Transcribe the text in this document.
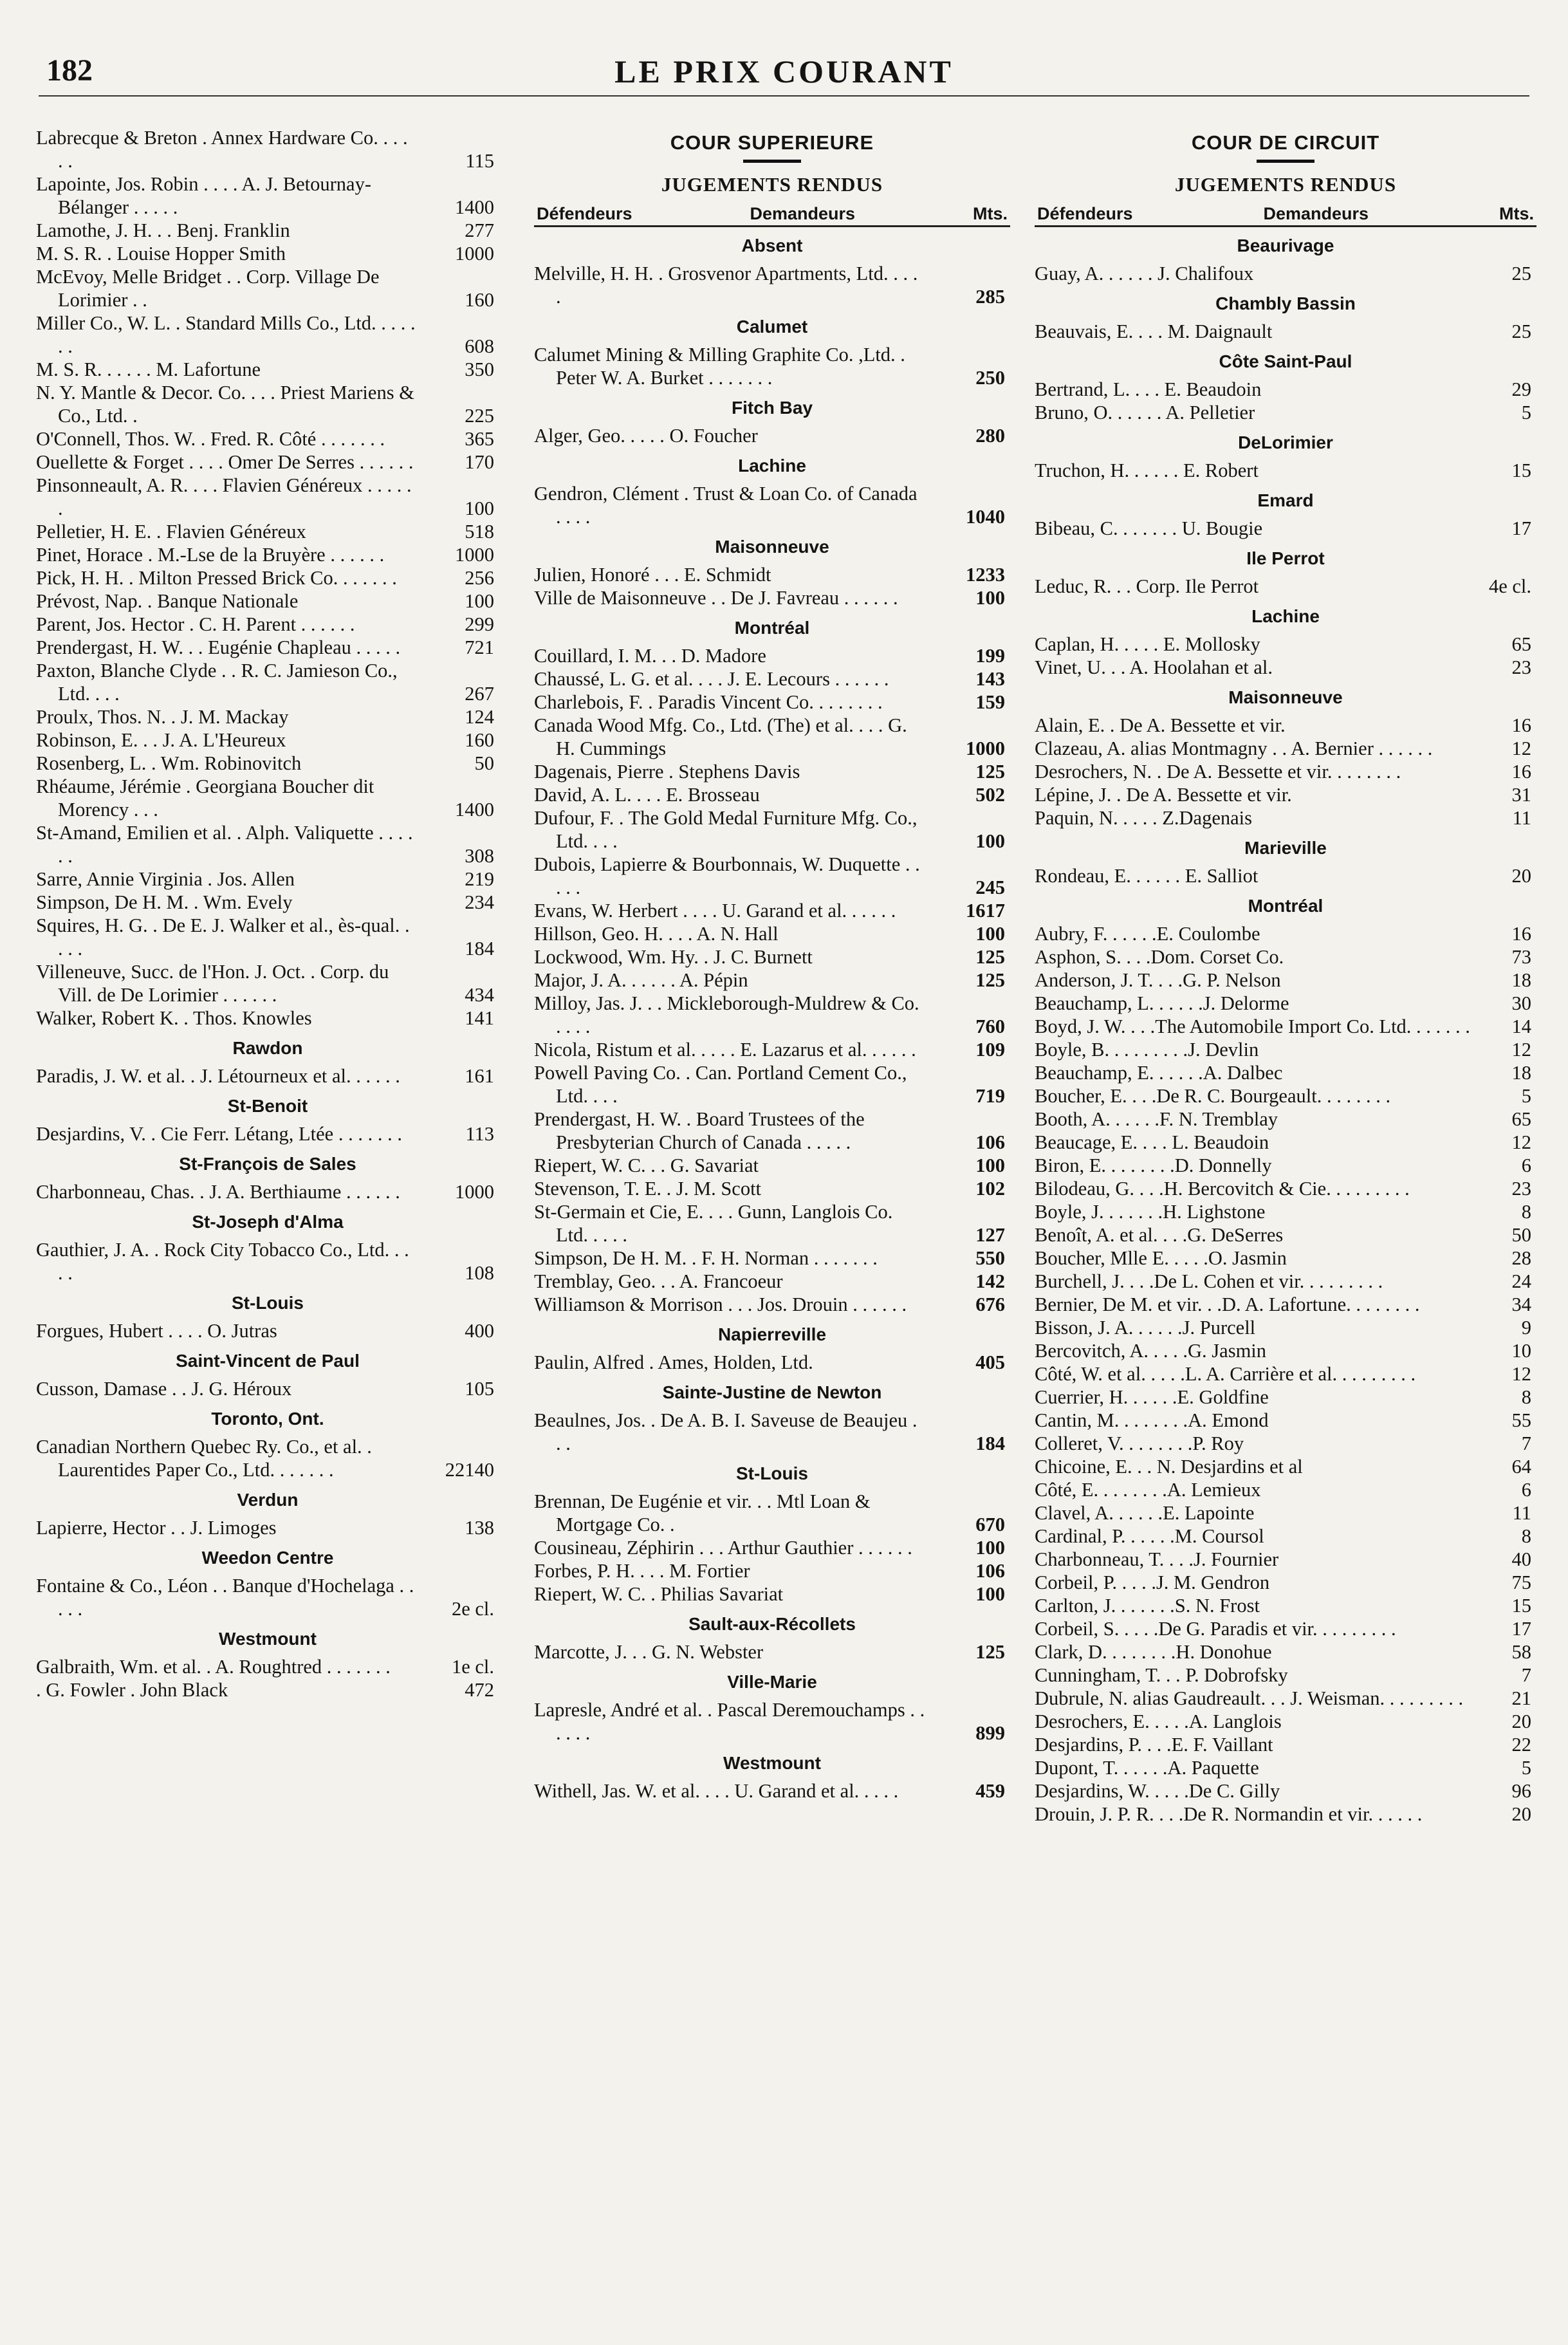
182	LE PRIX COURANT
Labrecque & Breton . Annex Hardware Co. . . . . .	115
Lapointe, Jos. Robin . . . . A. J. Betournay-Bélanger . . . . .	1400
Lamothe, J. H. . . Benj. Franklin	277
M. S. R. . Louise Hopper Smith	1000
McEvoy, Melle Bridget . . Corp. Village De Lorimier . .	160
Miller Co., W. L. . Standard Mills Co., Ltd. . . . . . .	608
M. S. R. . . . . . M. Lafortune	350
N. Y. Mantle & Decor. Co. . . . Priest Mariens & Co., Ltd. .	225
O'Connell, Thos. W. . Fred. R. Côté . . . . . . .	365
Ouellette & Forget . . . . Omer De Serres . . . . . .	170
Pinsonneault, A. R. . . . Flavien Généreux . . . . . .	100
Pelletier, H. E. . Flavien Généreux	518
Pinet, Horace . M.-Lse de la Bruyère . . . . . .	1000
Pick, H. H. . Milton Pressed Brick Co. . . . . . .	256
Prévost, Nap. . Banque Nationale	100
Parent, Jos. Hector . C. H. Parent . . . . . .	299
Prendergast, H. W. . . Eugénie Chapleau . . . . .	721
Paxton, Blanche Clyde . . R. C. Jamieson Co., Ltd. . . .	267
Proulx, Thos. N. . J. M. Mackay	124
Robinson, E. . . J. A. L'Heureux	160
Rosenberg, L. . Wm. Robinovitch	50
Rhéaume, Jérémie . Georgiana Boucher dit Morency . . .	1400
St-Amand, Emilien et al. . Alph. Valiquette . . . . . .	308
Sarre, Annie Virginia . Jos. Allen	219
Simpson, De H. M. . Wm. Evely	234
Squires, H. G. . De E. J. Walker et al., ès-qual. . . . .	184
Villeneuve, Succ. de l'Hon. J. Oct. . Corp. du Vill. de De Lorimier . . . . . .	434
Walker, Robert K. . Thos. Knowles	141
Rawdon
Paradis, J. W. et al. . J. Létourneux et al. . . . . .	161
St-Benoit
Desjardins, V. . Cie Ferr. Létang, Ltée . . . . . . .	113
St-François de Sales
Charbonneau, Chas. . J. A. Berthiaume . . . . . .	1000
St-Joseph d'Alma
Gauthier, J. A. . Rock City Tobacco Co., Ltd. . . . .	108
St-Louis
Forgues, Hubert . . . . O. Jutras	400
Saint-Vincent de Paul
Cusson, Damase . . J. G. Héroux	105
Toronto, Ont.
Canadian Northern Quebec Ry. Co., et al. . Laurentides Paper Co., Ltd. . . . . . .	22140
Verdun
Lapierre, Hector . . J. Limoges	138
Weedon Centre
Fontaine & Co., Léon . . Banque d'Hochelaga . . . . .	2e cl.
Westmount
Galbraith, Wm. et al. . A. Roughtred . . . . . . .	1e cl.
. G. Fowler . John Black	472
COUR SUPERIEURE
JUGEMENTS RENDUS
Défendeurs	Demandeurs	Mts.
Absent
Melville, H. H. . Grosvenor Apartments, Ltd. . . . .	285
Calumet
Calumet Mining & Milling Graphite Co. ,Ltd. . Peter W. A. Burket . . . . . . .	250
Fitch Bay
Alger, Geo. . . . . O. Foucher	280
Lachine
Gendron, Clément . Trust & Loan Co. of Canada . . . .	1040
Maisonneuve
Julien, Honoré . . . E. Schmidt	1233
Ville de Maisonneuve . . De J. Favreau . . . . . .	100
Montréal
Couillard, I. M. . . D. Madore	199
Chaussé, L. G. et al. . . . J. E. Lecours . . . . . .	143
Charlebois, F. . Paradis Vincent Co. . . . . . . .	159
Canada Wood Mfg. Co., Ltd. (The) et al. . . . G. H. Cummings	1000
Dagenais, Pierre . Stephens Davis	125
David, A. L. . . . E. Brosseau	502
Dufour, F. . The Gold Medal Furniture Mfg. Co., Ltd. . . .	100
Dubois, Lapierre & Bourbonnais, W. Duquette . . . . .	245
Evans, W. Herbert . . . . U. Garand et al. . . . . .	1617
Hillson, Geo. H. . . . A. N. Hall	100
Lockwood, Wm. Hy. . J. C. Burnett	125
Major, J. A. . . . . . A. Pépin	125
Milloy, Jas. J. . . Mickleborough-Muldrew & Co. . . . .	760
Nicola, Ristum et al. . . . . E. Lazarus et al. . . . . .	109
Powell Paving Co. . Can. Portland Cement Co., Ltd. . . .	719
Prendergast, H. W. . Board Trustees of the Presbyterian Church of Canada . . . . .	106
Riepert, W. C. . . G. Savariat	100
Stevenson, T. E. . J. M. Scott	102
St-Germain et Cie, E. . . . Gunn, Langlois Co. Ltd. . . . .	127
Simpson, De H. M. . F. H. Norman . . . . . . .	550
Tremblay, Geo. . . A. Francoeur	142
Williamson & Morrison . . . Jos. Drouin . . . . . .	676
Napierreville
Paulin, Alfred . Ames, Holden, Ltd.	405
Sainte-Justine de Newton
Beaulnes, Jos. . De A. B. I. Saveuse de Beaujeu . . .	184
St-Louis
Brennan, De Eugénie et vir. . . Mtl Loan & Mortgage Co. .	670
Cousineau, Zéphirin . . . Arthur Gauthier . . . . . .	100
Forbes, P. H. . . . M. Fortier	106
Riepert, W. C. . Philias Savariat	100
Sault-aux-Récollets
Marcotte, J. . . G. N. Webster	125
Ville-Marie
Lapresle, André et al. . Pascal Deremouchamps . . . . . .	899
Westmount
Withell, Jas. W. et al. . . . U. Garand et al. . . . .	459
COUR DE CIRCUIT
JUGEMENTS RENDUS
Défendeurs	Demandeurs	Mts.
Beaurivage
Guay, A. . . . . . J. Chalifoux	25
Chambly Bassin
Beauvais, E. . . . M. Daignault	25
Côte Saint-Paul
Bertrand, L. . . . E. Beaudoin	29
Bruno, O. . . . . . A. Pelletier	5
DeLorimier
Truchon, H. . . . . . E. Robert	15
Emard
Bibeau, C. . . . . . . U. Bougie	17
Ile Perrot
Leduc, R. . . Corp. Ile Perrot	4e cl.
Lachine
Caplan, H. . . . . E. Mollosky	65
Vinet, U. . . A. Hoolahan et al.	23
Maisonneuve
Alain, E. . De A. Bessette et vir.	16
Clazeau, A. alias Montmagny . . A. Bernier . . . . . .	12
Desrochers, N. . De A. Bessette et vir. . . . . . . .	16
Lépine, J. . De A. Bessette et vir.	31
Paquin, N. . . . . Z.Dagenais	11
Marieville
Rondeau, E. . . . . . E. Salliot	20
Montréal
Aubry, F. . . . . .E. Coulombe	16
Asphon, S. . . .Dom. Corset Co.	73
Anderson, J. T. . . .G. P. Nelson	18
Beauchamp, L. . . . . .J. Delorme	30
Boyd, J. W. . . .The Automobile Import Co. Ltd. . . . . . . 14
Boyle, B. . . . . . . . .J. Devlin	12
Beauchamp, E. . . . . .A. Dalbec	18
Boucher, E. . . .De R. C. Bourgeault. . . . . . . .	5
Booth, A. . . . . .F. N. Tremblay	65
Beaucage, E. . . . L. Beaudoin	12
Biron, E. . . . . . . .D. Donnelly	6
Bilodeau, G. . . .H. Bercovitch & Cie. . . . . . . . .	23
Boyle, J. . . . . . .H. Lighstone	8
Benoît, A. et al. . . .G. DeSerres	50
Boucher, Mlle E. . . . .O. Jasmin	28
Burchell, J. . . .De L. Cohen et vir. . . . . . . . .	24
Bernier, De M. et vir. . .D. A. Lafortune. . . . . . . .	34
Bisson, J. A. . . . . .J. Purcell	9
Bercovitch, A. . . . .G. Jasmin	10
Côté, W. et al. . . . .L. A. Carrière et al. . . . . . . . .	12
Cuerrier, H. . . . . .E. Goldfine	8
Cantin, M. . . . . . . .A. Emond	55
Colleret, V. . . . . . . .P. Roy	7
Chicoine, E. . . N. Desjardins et al	64
Côté, E. . . . . . . .A. Lemieux	6
Clavel, A. . . . . .E. Lapointe	11
Cardinal, P. . . . . .M. Coursol	8
Charbonneau, T. . . .J. Fournier	40
Corbeil, P. . . . .J. M. Gendron	75
Carlton, J. . . . . . .S. N. Frost	15
Corbeil, S. . . . .De G. Paradis et vir. . . . . . . . .	17
Clark, D. . . . . . . .H. Donohue	58
Cunningham, T. . . P. Dobrofsky	7
Dubrule, N. alias Gaudreault. . . J. Weisman. . . . . . . . .	21
Desrochers, E. . . . .A. Langlois	20
Desjardins, P. . . .E. F. Vaillant	22
Dupont, T. . . . . .A. Paquette	5
Desjardins, W. . . . .De C. Gilly	96
Drouin, J. P. R. . . .De R. Normandin et vir. . . . . .	20
